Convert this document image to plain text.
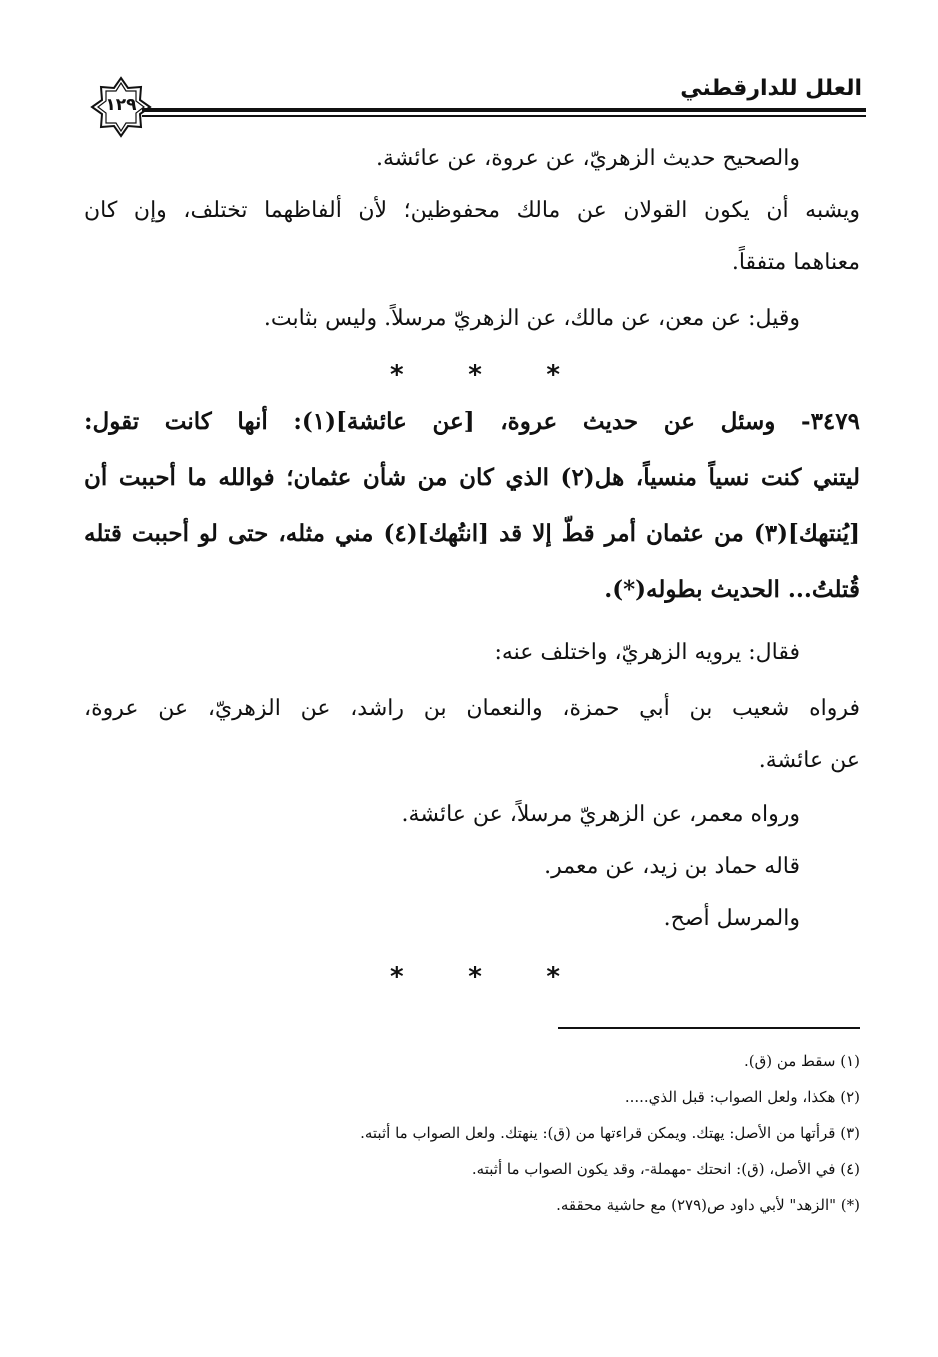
العلل للدارقطني
١٢٩
والصحيح حديث الزهريّ، عن عروة، عن عائشة.
ويشبه أن يكون القولان عن مالك محفوظين؛ لأن ألفاظهما تختلف، وإن كان
معناهما متفقاً.
وقيل: عن معن، عن مالك، عن الزهريّ مرسلاً. وليس بثابت.
٣٤٧٩- وسئل عن حديث عروة، [عن عائشة](١): أنها كانت تقول:
ليتني كنت نسياً منسياً، هل(٢) الذي كان من شأن عثمان؛ فوالله ما أحببت أن
[يُنتهك](٣) من عثمان أمر قطّ إلا قد [انتُهك](٤) مني مثله، حتى لو أحببت قتله
قُتلتُ... الحديث بطوله(*).
فقال: يرويه الزهريّ، واختلف عنه:
فرواه شعيب بن أبي حمزة، والنعمان بن راشد، عن الزهريّ، عن عروة،
عن عائشة.
ورواه معمر، عن الزهريّ مرسلاً، عن عائشة.
قاله حماد بن زيد، عن معمر.
والمرسل أصح.
* * *
* * *
(١) سقط من (ق).
(٢) هكذا، ولعل الصواب: قبل الذي.....
(٣) قرأتها من الأصل: يهتك. ويمكن قراءتها من (ق): ينهتك. ولعل الصواب ما أثبته.
(٤) في الأصل، (ق): انحتك -مهملة-، وقد يكون الصواب ما أثبته.
(*) "الزهد" لأبي داود ص(٢٧٩) مع حاشية محققه.
